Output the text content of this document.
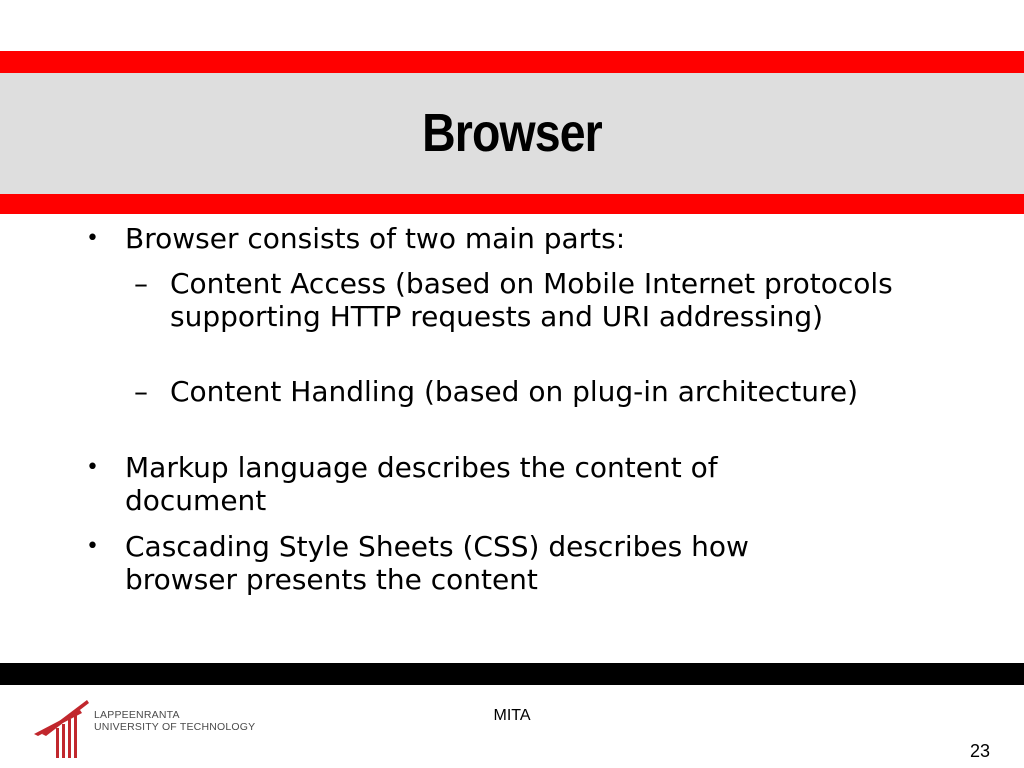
Browser
• Browser consists of two main parts:
– Content Access (based on Mobile Internet protocols supporting HTTP requests and URI addressing)
– Content Handling (based on plug-in architecture)
• Markup language describes the content of document
• Cascading Style Sheets (CSS) describes how browser presents the content
LAPPEENRANTA
UNIVERSITY OF TECHNOLOGY
MITA
23
